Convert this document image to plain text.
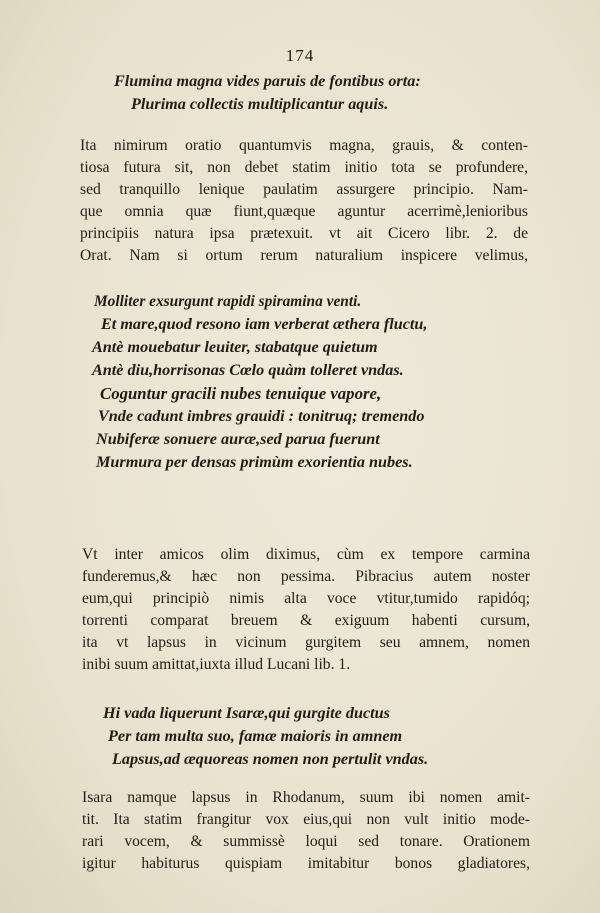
174
Flumina magna vides paruis de fontibus orta:
Plurima collectis multiplicantur aquis.
Ita nimirum oratio quantumvis magna, grauis, & conten-
tiosa futura sit, non debet statim initio tota se profundere,
sed tranquillo lenique paulatim assurgere principio. Nam-
que omnia quæ fiunt,quæque aguntur acerrimè,lenioribus
principiis natura ipsa prætexuit. vt ait Cicero libr. 2. de
Orat. Nam si ortum rerum naturalium inspicere velimus,
Molliter exsurgunt rapidi spiramina venti.
Et mare,quod resono iam verberat æthera fluctu,
Antè mouebatur leuiter, stabatque quietum
Antè diu,horrisonas Cœlo quàm tolleret vndas.
Coguntur gracili nubes tenuique vapore,
Vnde cadunt imbres grauidi : tonitruq; tremendo
Nubiferæ sonuere auræ,sed parua fuerunt
Murmura per densas primùm exorientia nubes.
Vt inter amicos olim diximus, cùm ex tempore carmina
funderemus,& hæc non pessima. Pibracius autem noster
eum,qui principiò nimis alta voce vtitur,tumido rapidóq;
torrenti comparat breuem & exiguum habenti cursum,
ita vt lapsus in vicinum gurgitem seu amnem, nomen
inibi suum amittat,iuxta illud Lucani lib. 1.
Hi vada liquerunt Isaræ,qui gurgite ductus
Per tam multa suo, famæ maioris in amnem
Lapsus,ad æquoreas nomen non pertulit vndas.
Isara namque lapsus in Rhodanum, suum ibi nomen amit-
tit. Ita statim frangitur vox eius,qui non vult initio mode-
rari vocem, & summissè loqui sed tonare. Orationem
igitur habiturus quispiam imitabitur bonos gladiatores,
